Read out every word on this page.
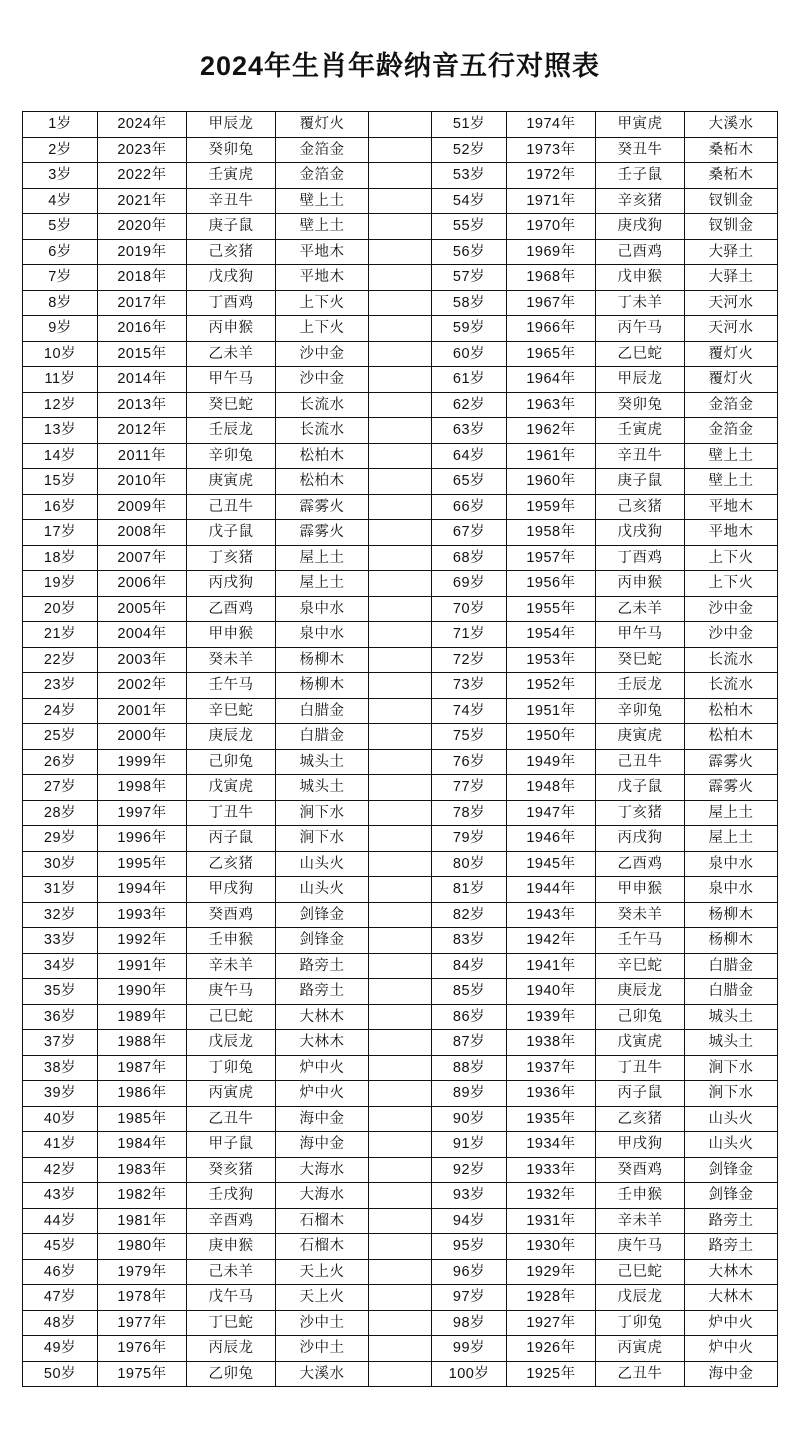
2024年生肖年龄纳音五行对照表
1岁	2024年	甲辰龙	覆灯火		51岁	1974年	甲寅虎	大溪水
2岁	2023年	癸卯兔	金箔金		52岁	1973年	癸丑牛	桑柘木
3岁	2022年	壬寅虎	金箔金		53岁	1972年	壬子鼠	桑柘木
4岁	2021年	辛丑牛	壁上土		54岁	1971年	辛亥猪	钗钏金
5岁	2020年	庚子鼠	壁上土		55岁	1970年	庚戌狗	钗钏金
6岁	2019年	己亥猪	平地木		56岁	1969年	己酉鸡	大驿土
7岁	2018年	戊戌狗	平地木		57岁	1968年	戊申猴	大驿土
8岁	2017年	丁酉鸡	上下火		58岁	1967年	丁未羊	天河水
9岁	2016年	丙申猴	上下火		59岁	1966年	丙午马	天河水
10岁	2015年	乙未羊	沙中金		60岁	1965年	乙巳蛇	覆灯火
11岁	2014年	甲午马	沙中金		61岁	1964年	甲辰龙	覆灯火
12岁	2013年	癸巳蛇	长流水		62岁	1963年	癸卯兔	金箔金
13岁	2012年	壬辰龙	长流水		63岁	1962年	壬寅虎	金箔金
14岁	2011年	辛卯兔	松柏木		64岁	1961年	辛丑牛	壁上土
15岁	2010年	庚寅虎	松柏木		65岁	1960年	庚子鼠	壁上土
16岁	2009年	己丑牛	霹雾火		66岁	1959年	己亥猪	平地木
17岁	2008年	戊子鼠	霹雾火		67岁	1958年	戊戌狗	平地木
18岁	2007年	丁亥猪	屋上土		68岁	1957年	丁酉鸡	上下火
19岁	2006年	丙戌狗	屋上土		69岁	1956年	丙申猴	上下火
20岁	2005年	乙酉鸡	泉中水		70岁	1955年	乙未羊	沙中金
21岁	2004年	甲申猴	泉中水		71岁	1954年	甲午马	沙中金
22岁	2003年	癸未羊	杨柳木		72岁	1953年	癸巳蛇	长流水
23岁	2002年	壬午马	杨柳木		73岁	1952年	壬辰龙	长流水
24岁	2001年	辛巳蛇	白腊金		74岁	1951年	辛卯兔	松柏木
25岁	2000年	庚辰龙	白腊金		75岁	1950年	庚寅虎	松柏木
26岁	1999年	己卯兔	城头土		76岁	1949年	己丑牛	霹雾火
27岁	1998年	戊寅虎	城头土		77岁	1948年	戊子鼠	霹雾火
28岁	1997年	丁丑牛	涧下水		78岁	1947年	丁亥猪	屋上土
29岁	1996年	丙子鼠	涧下水		79岁	1946年	丙戌狗	屋上土
30岁	1995年	乙亥猪	山头火		80岁	1945年	乙酉鸡	泉中水
31岁	1994年	甲戌狗	山头火		81岁	1944年	甲申猴	泉中水
32岁	1993年	癸酉鸡	剑锋金		82岁	1943年	癸未羊	杨柳木
33岁	1992年	壬申猴	剑锋金		83岁	1942年	壬午马	杨柳木
34岁	1991年	辛未羊	路旁土		84岁	1941年	辛巳蛇	白腊金
35岁	1990年	庚午马	路旁土		85岁	1940年	庚辰龙	白腊金
36岁	1989年	己巳蛇	大林木		86岁	1939年	己卯兔	城头土
37岁	1988年	戊辰龙	大林木		87岁	1938年	戊寅虎	城头土
38岁	1987年	丁卯兔	炉中火		88岁	1937年	丁丑牛	涧下水
39岁	1986年	丙寅虎	炉中火		89岁	1936年	丙子鼠	涧下水
40岁	1985年	乙丑牛	海中金		90岁	1935年	乙亥猪	山头火
41岁	1984年	甲子鼠	海中金		91岁	1934年	甲戌狗	山头火
42岁	1983年	癸亥猪	大海水		92岁	1933年	癸酉鸡	剑锋金
43岁	1982年	壬戌狗	大海水		93岁	1932年	壬申猴	剑锋金
44岁	1981年	辛酉鸡	石榴木		94岁	1931年	辛未羊	路旁土
45岁	1980年	庚申猴	石榴木		95岁	1930年	庚午马	路旁土
46岁	1979年	己未羊	天上火		96岁	1929年	己巳蛇	大林木
47岁	1978年	戊午马	天上火		97岁	1928年	戊辰龙	大林木
48岁	1977年	丁巳蛇	沙中土		98岁	1927年	丁卯兔	炉中火
49岁	1976年	丙辰龙	沙中土		99岁	1926年	丙寅虎	炉中火
50岁	1975年	乙卯兔	大溪水		100岁	1925年	乙丑牛	海中金
